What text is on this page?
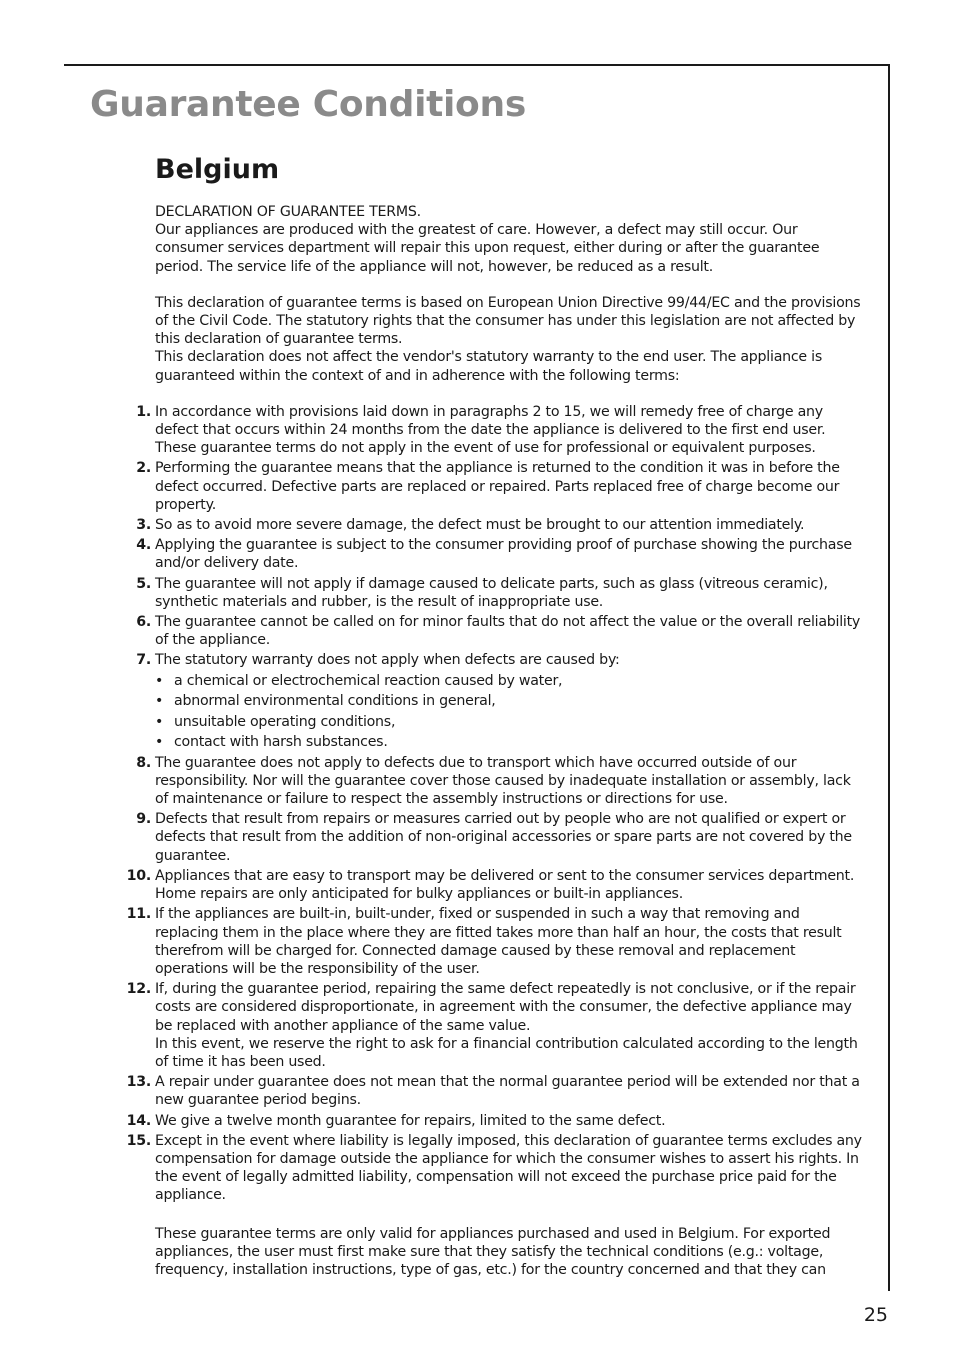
Guarantee Conditions
Belgium

DECLARATION OF GUARANTEE TERMS.

Our appliances are produced with the greatest of care. However, a defect may still occur. Our consumer services department will repair this upon request, either during or after the guarantee period. The service life of the appliance will not, however, be reduced as a result.

This declaration of guarantee terms is based on European Union Directive 99/44/EC and the provisions of the Civil Code. The statutory rights that the consumer has under this legislation are not affected by this declaration of guarantee terms.

This declaration does not affect the vendor's statutory warranty to the end user. The appliance is guaranteed within the context of and in adherence with the following terms:

1. In accordance with provisions laid down in paragraphs 2 to 15, we will remedy free of charge any defect that occurs within 24 months from the date the appliance is delivered to the first end user. These guarantee terms do not apply in the event of use for professional or equivalent purposes.
2. Performing the guarantee means that the appliance is returned to the condition it was in before the defect occurred. Defective parts are replaced or repaired. Parts replaced free of charge become our property.
3. So as to avoid more severe damage, the defect must be brought to our attention immediately.
4. Applying the guarantee is subject to the consumer providing proof of purchase showing the purchase and/or delivery date.
5. The guarantee will not apply if damage caused to delicate parts, such as glass (vitreous ceramic), synthetic materials and rubber, is the result of inappropriate use.
6. The guarantee cannot be called on for minor faults that do not affect the value or the overall reliability of the appliance.
7. The statutory warranty does not apply when defects are caused by:
• a chemical or electrochemical reaction caused by water,
• abnormal environmental conditions in general,
• unsuitable operating conditions,
• contact with harsh substances.
8. The guarantee does not apply to defects due to transport which have occurred outside of our responsibility. Nor will the guarantee cover those caused by inadequate installation or assembly, lack of maintenance or failure to respect the assembly instructions or directions for use.
9. Defects that result from repairs or measures carried out by people who are not qualified or expert or defects that result from the addition of non-original accessories or spare parts are not covered by the guarantee.
10. Appliances that are easy to transport may be delivered or sent to the consumer services department. Home repairs are only anticipated for bulky appliances or built-in appliances.
11. If the appliances are built-in, built-under, fixed or suspended in such a way that removing and replacing them in the place where they are fitted takes more than half an hour, the costs that result therefrom will be charged for. Connected damage caused by these removal and replacement operations will be the responsibility of the user.
12. If, during the guarantee period, repairing the same defect repeatedly is not conclusive, or if the repair costs are considered disproportionate, in agreement with the consumer, the defective appliance may be replaced with another appliance of the same value.

In this event, we reserve the right to ask for a financial contribution calculated according to the length of time it has been used.

13. A repair under guarantee does not mean that the normal guarantee period will be extended nor that a new guarantee period begins.
14. We give a twelve month guarantee for repairs, limited to the same defect.
15. Except in the event where liability is legally imposed, this declaration of guarantee terms excludes any compensation for damage outside the appliance for which the consumer wishes to assert his rights. In the event of legally admitted liability, compensation will not exceed the purchase price paid for the appliance.

These guarantee terms are only valid for appliances purchased and used in Belgium. For exported appliances, the user must first make sure that they satisfy the technical conditions (e.g.: voltage, frequency, installation instructions, type of gas, etc.) for the country concerned and that they can

25
